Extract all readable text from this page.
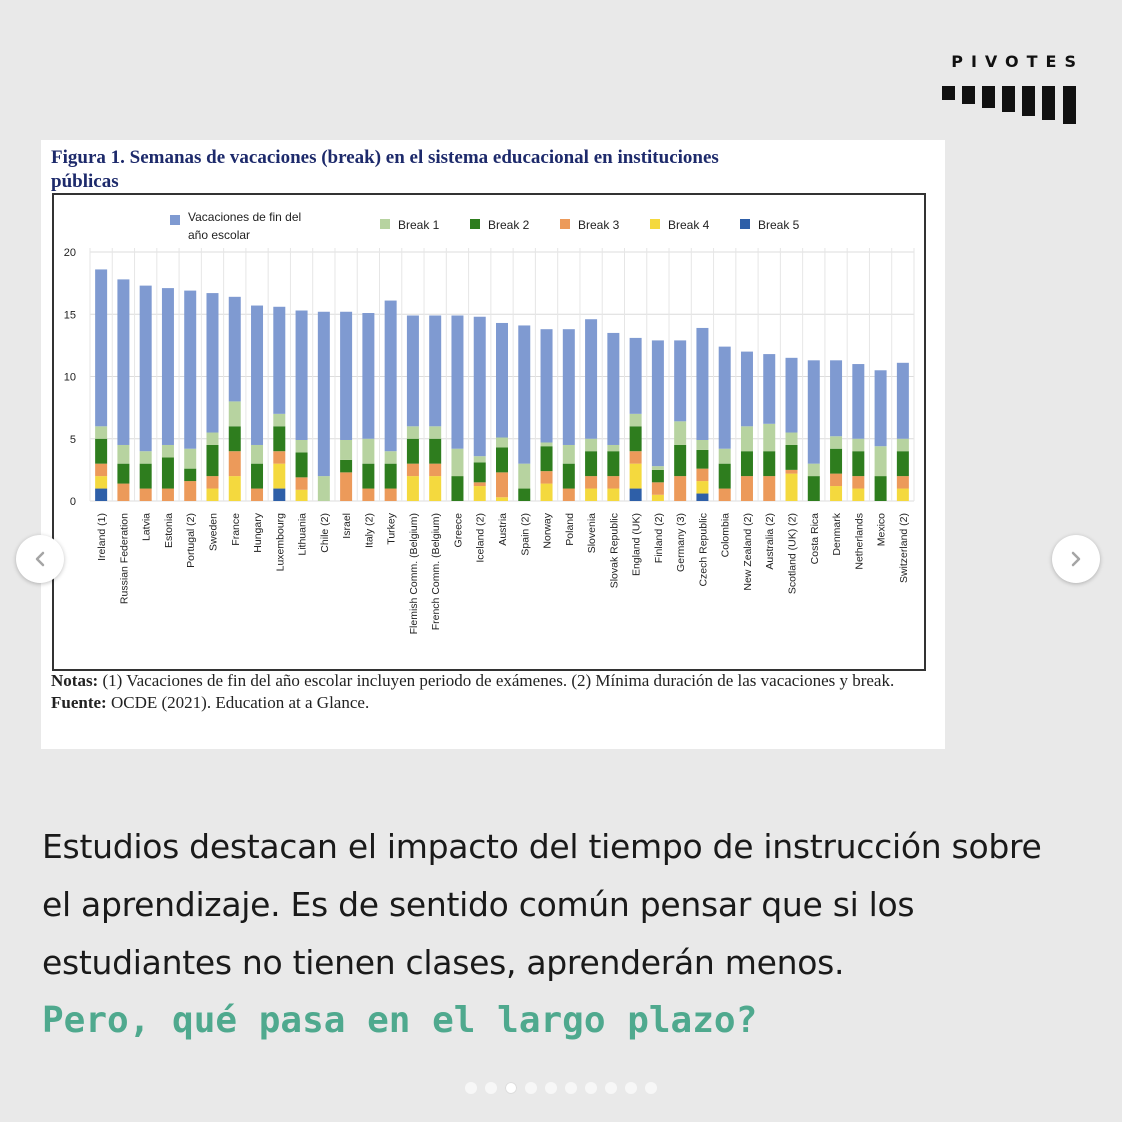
PIVOTES
Figura 1. Semanas de vacaciones (break) en el sistema educacional en instituciones públicas
0
5
10
15
20
Ireland (1) Russian Federation Latvia Estonia Portugal (2) Sweden France Hungary Luxembourg Lithuania Chile (2) Israel Italy (2) Turkey Flemish Comm. (Belgium) French Comm. (Belgium) Greece Iceland (2) Austria Spain (2) Norway Poland Slovenia Slovak Republic England (UK) Finland (2) Germany (3) Czech Republic Colombia New Zealand (2) Australia (2) Scotland (UK) (2) Costa Rica Denmark Netherlands Mexico Switzerland (2)
Vacaciones de fin del
año escolar
Break 1	Break 2	Break 3	Break 4	Break 5
Notas: (1) Vacaciones de fin del año escolar incluyen periodo de exámenes. (2) Mínima duración de las vacaciones y break.
Fuente: OCDE (2021). Education at a Glance.
Estudios destacan el impacto del tiempo de instrucción sobre el aprendizaje. Es de sentido común pensar que si los estudiantes no tienen clases, aprenderán menos.
Pero, qué pasa en el largo plazo?
